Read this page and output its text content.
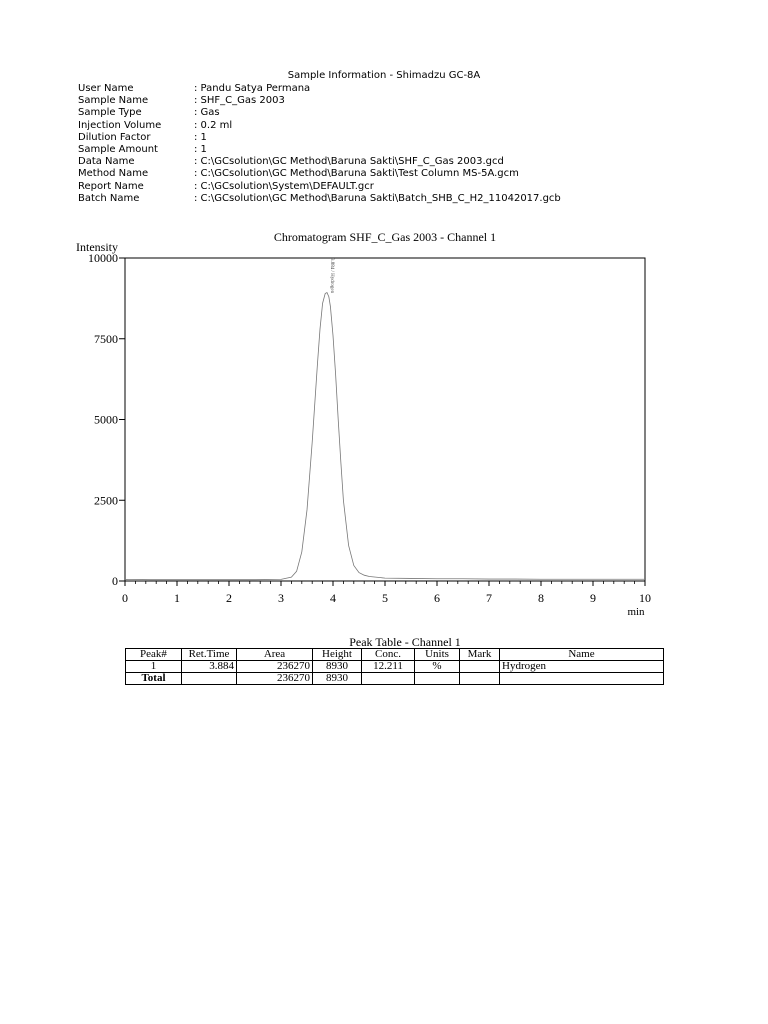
Sample Information - Shimadzu GC-8A
User Name	: Pandu Satya Permana
Sample Name	: SHF_C_Gas 2003
Sample Type	: Gas
Injection Volume	: 0.2 ml
Dilution Factor	: 1
Sample Amount	: 1
Data Name	: C:\GCsolution\GC Method\Baruna Sakti\SHF_C_Gas 2003.gcd
Method Name	: C:\GCsolution\GC Method\Baruna Sakti\Test Column MS-5A.gcm
Report Name	: C:\GCsolution\System\DEFAULT.gcr
Batch Name	: C:\GCsolution\GC Method\Baruna Sakti\Batch_SHB_C_H2_11042017.gcb
Chromatogram SHF_C_Gas 2003 - Channel 1
Intensity
min
0
2500
5000
7500
10000
0	1	2	3	4	5	6	7	8	9	10
3.884 / Hydrogen
Peak Table - Channel 1
Peak#	Ret.Time	Area	Height	Conc.	Units	Mark	Name
1	3.884	236270	8930	12.211	%		Hydrogen
Total		236270	8930				
